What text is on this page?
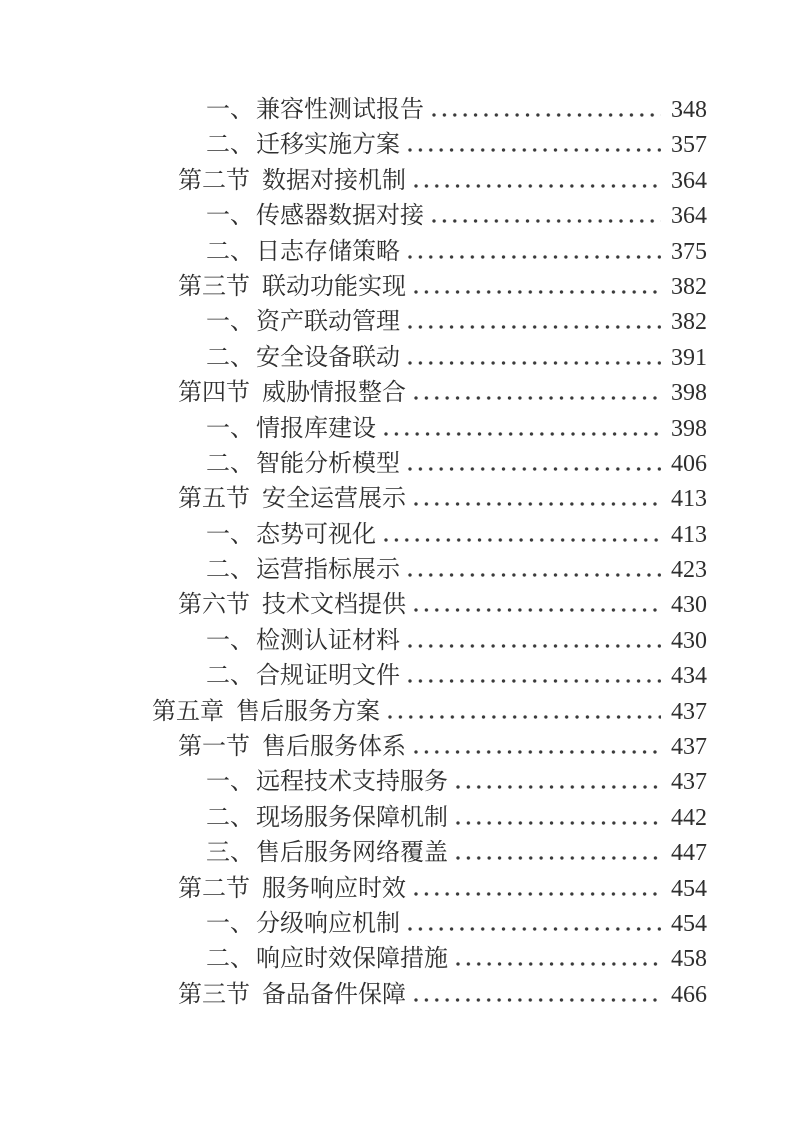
一、 兼容性测试报告	348
二、 迁移实施方案	357
第二节 数据对接机制	364
一、 传感器数据对接	364
二、 日志存储策略	375
第三节 联动功能实现	382
一、 资产联动管理	382
二、 安全设备联动	391
第四节 威胁情报整合	398
一、 情报库建设	398
二、 智能分析模型	406
第五节 安全运营展示	413
一、 态势可视化	413
二、 运营指标展示	423
第六节 技术文档提供	430
一、 检测认证材料	430
二、 合规证明文件	434
第五章 售后服务方案	437
第一节 售后服务体系	437
一、 远程技术支持服务	437
二、 现场服务保障机制	442
三、 售后服务网络覆盖	447
第二节 服务响应时效	454
一、 分级响应机制	454
二、 响应时效保障措施	458
第三节 备品备件保障	466
